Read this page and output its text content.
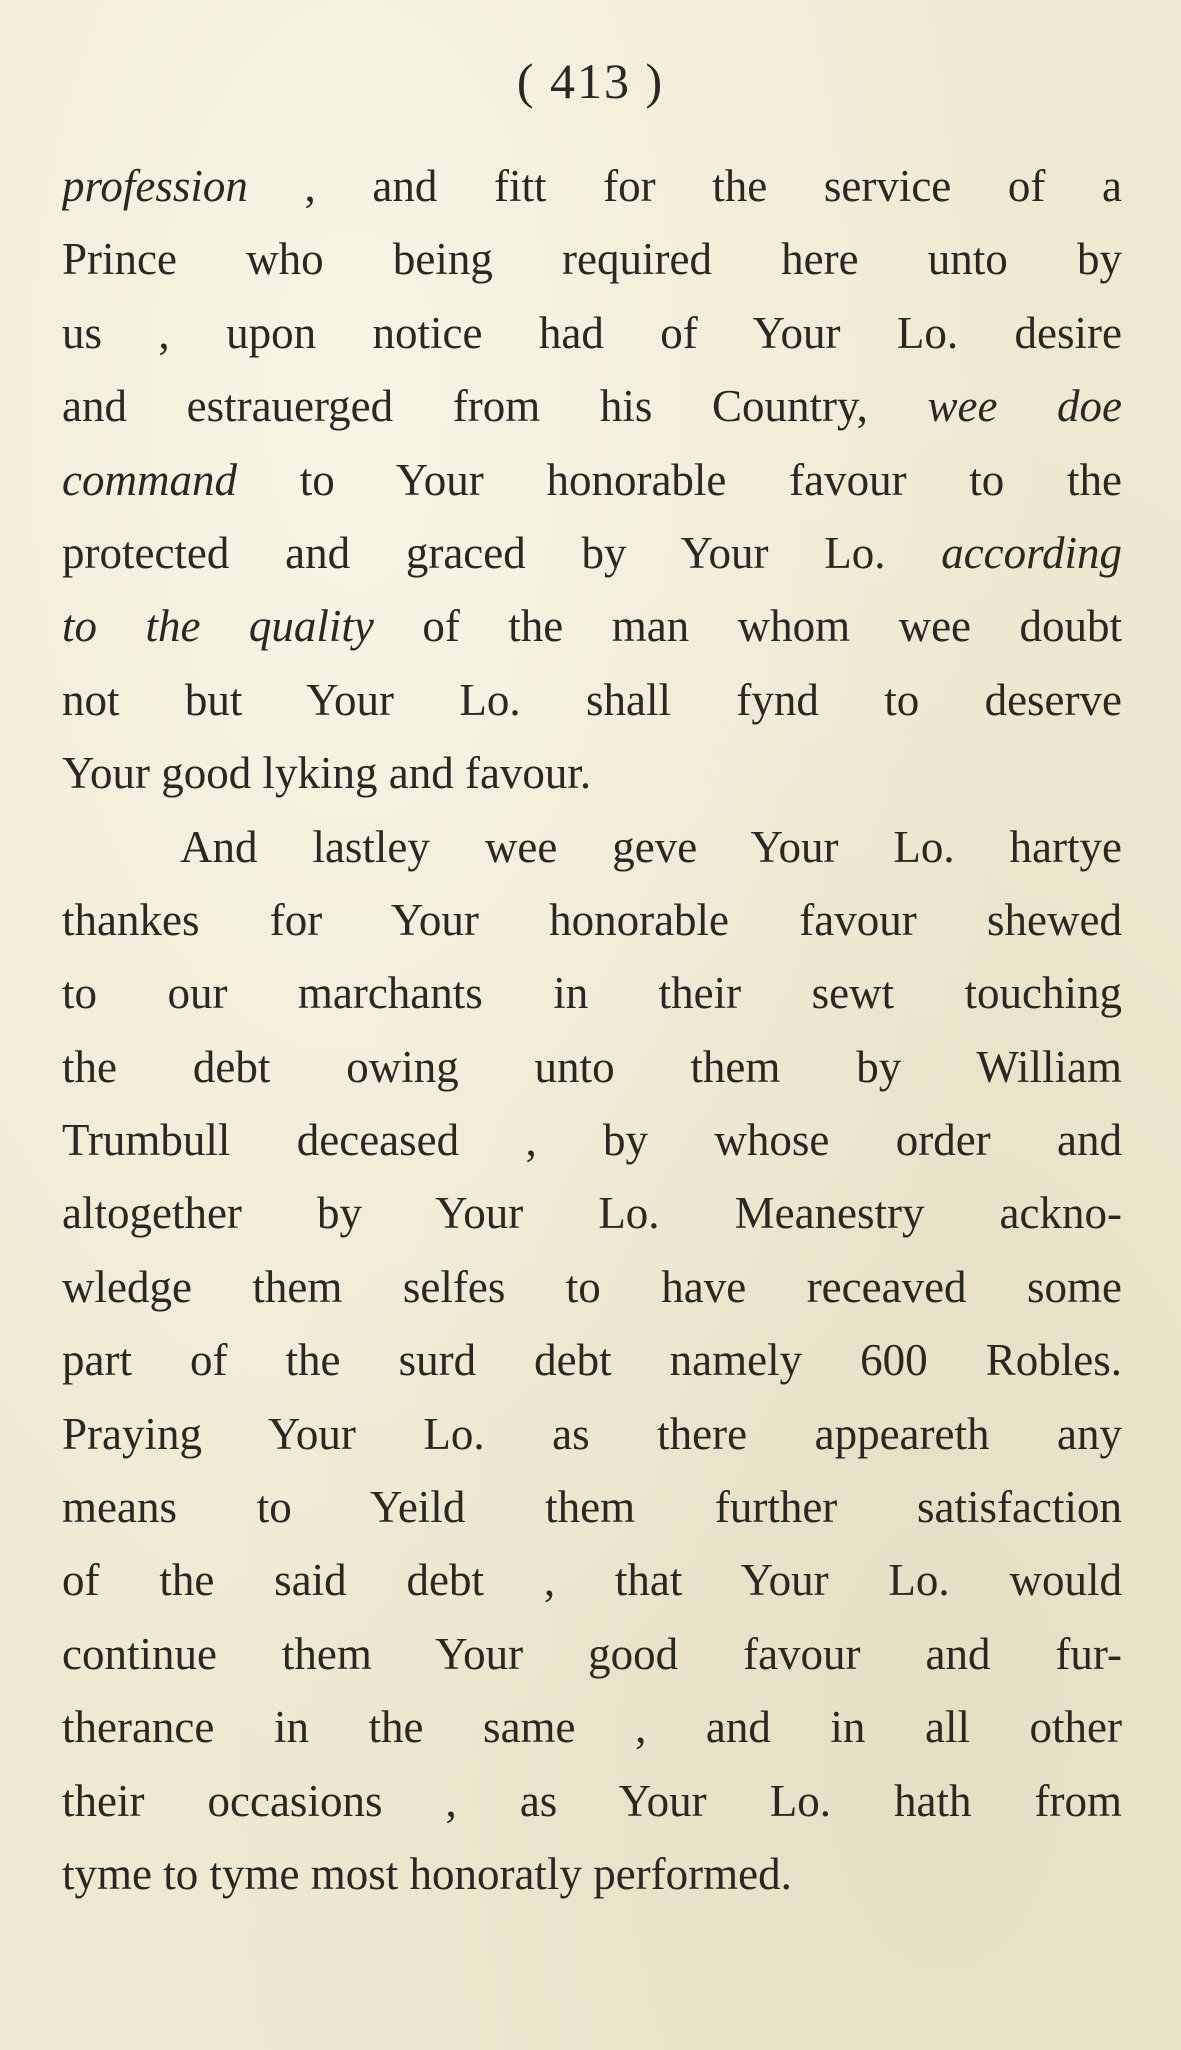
( 413 )
profession , and fitt for the service of a
Prince who being required here unto by
us , upon notice had of Your Lo. desire
and estrauerged from his Country, wee doe
command to Your honorable favour to the
protected and graced by Your Lo. according
to the quality of the man whom wee doubt
not but Your Lo. shall fynd to deserve
Your good lyking and favour.
And lastley wee geve Your Lo. hartye
thankes for Your honorable favour shewed
to our marchants in their sewt touching
the debt owing unto them by William
Trumbull deceased , by whose order and
altogether by Your Lo. Meanestry ackno-
wledge them selfes to have receaved some
part of the surd debt namely 600 Robles.
Praying Your Lo. as there appeareth any
means to Yeild them further satisfaction
of the said debt , that Your Lo. would
continue them Your good favour and fur-
therance in the same , and in all other
their occasions , as Your Lo. hath from
tyme to tyme most honoratly performed.
